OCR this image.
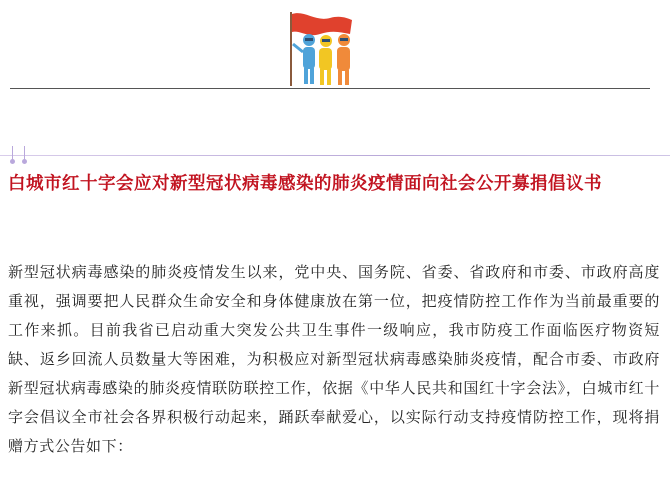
白城市红十字会应对新型冠状病毒感染的肺炎疫情面向社会公开募捐倡议书

新型冠状病毒感染的肺炎疫情发生以来，党中央、国务院、省委、省政府和市委、市政府高度重视，强调要把人民群众生命安全和身体健康放在第一位，把疫情防控工作作为当前最重要的工作来抓。目前我省已启动重大突发公共卫生事件一级响应，我市防疫工作面临医疗物资短缺、返乡回流人员数量大等困难，为积极应对新型冠状病毒感染肺炎疫情，配合市委、市政府新型冠状病毒感染的肺炎疫情联防联控工作，依据《中华人民共和国红十字会法》，白城市红十字会倡议全市社会各界积极行动起来，踊跃奉献爱心，以实际行动支持疫情防控工作，现将捐赠方式公告如下：
